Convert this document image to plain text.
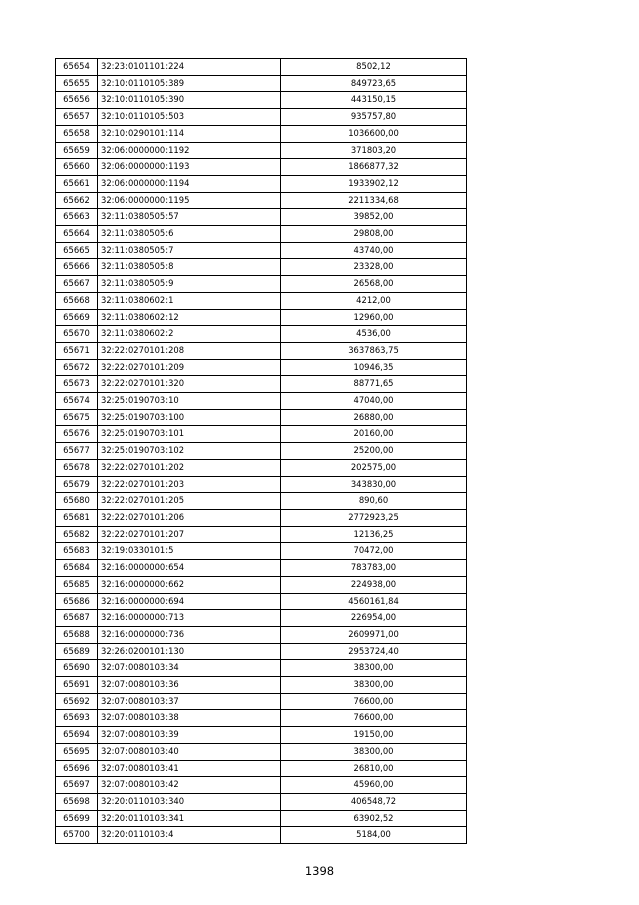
65654	32:23:0101101:224	8502,12
65655	32:10:0110105:389	849723,65
65656	32:10:0110105:390	443150,15
65657	32:10:0110105:503	935757,80
65658	32:10:0290101:114	1036600,00
65659	32:06:0000000:1192	371803,20
65660	32:06:0000000:1193	1866877,32
65661	32:06:0000000:1194	1933902,12
65662	32:06:0000000:1195	2211334,68
65663	32:11:0380505:57	39852,00
65664	32:11:0380505:6	29808,00
65665	32:11:0380505:7	43740,00
65666	32:11:0380505:8	23328,00
65667	32:11:0380505:9	26568,00
65668	32:11:0380602:1	4212,00
65669	32:11:0380602:12	12960,00
65670	32:11:0380602:2	4536,00
65671	32:22:0270101:208	3637863,75
65672	32:22:0270101:209	10946,35
65673	32:22:0270101:320	88771,65
65674	32:25:0190703:10	47040,00
65675	32:25:0190703:100	26880,00
65676	32:25:0190703:101	20160,00
65677	32:25:0190703:102	25200,00
65678	32:22:0270101:202	202575,00
65679	32:22:0270101:203	343830,00
65680	32:22:0270101:205	890,60
65681	32:22:0270101:206	2772923,25
65682	32:22:0270101:207	12136,25
65683	32:19:0330101:5	70472,00
65684	32:16:0000000:654	783783,00
65685	32:16:0000000:662	224938,00
65686	32:16:0000000:694	4560161,84
65687	32:16:0000000:713	226954,00
65688	32:16:0000000:736	2609971,00
65689	32:26:0200101:130	2953724,40
65690	32:07:0080103:34	38300,00
65691	32:07:0080103:36	38300,00
65692	32:07:0080103:37	76600,00
65693	32:07:0080103:38	76600,00
65694	32:07:0080103:39	19150,00
65695	32:07:0080103:40	38300,00
65696	32:07:0080103:41	26810,00
65697	32:07:0080103:42	45960,00
65698	32:20:0110103:340	406548,72
65699	32:20:0110103:341	63902,52
65700	32:20:0110103:4	5184,00
1398
